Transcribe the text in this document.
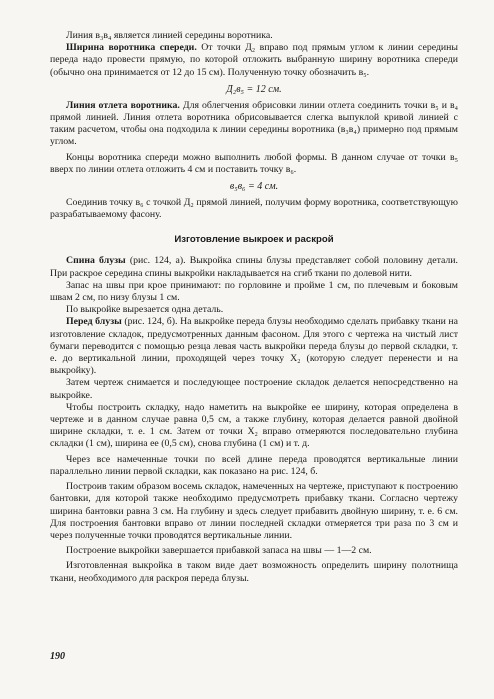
Линия в₃в₄ является линией середины воротника.

Ширина воротника спереди. От точки Д₂ вправо под прямым углом к линии середины переда надо провести прямую, по которой отложить выбранную ширину воротника спереди (обычно она принимается от 12 до 15 см). Полученную точку обозначить в₅.

Д₂в₅ = 12 см.

Линия отлета воротника. Для облегчения обрисовки линии отлета соединить точки в₅ и в₄ прямой линией. Линия отлета воротника обрисовывается слегка выпуклой кривой линией с таким расчетом, чтобы она подходила к линии середины воротника (в₃в₄) примерно под прямым углом.

Концы воротника спереди можно выполнить любой формы. В данном случае от точки в₅ вверх по линии отлета отложить 4 см и поставить точку в₆.

в₅в₆ = 4 см.

Соединив точку в₆ с точкой Д₂ прямой линией, получим форму воротника, соответствующую разрабатываемому фасону.

Изготовление выкроек и раскрой

Спина блузы (рис. 124, а). Выкройка спины блузы представляет собой половину детали. При раскрое середина спины выкройки накладывается на сгиб ткани по долевой нити.

Запас на швы при крое принимают: по горловине и пройме 1 см, по плечевым и боковым швам 2 см, по низу блузы 1 см.

По выкройке вырезается одна деталь.

Перед блузы (рис. 124, б). На выкройке переда блузы необходимо сделать прибавку ткани на изготовление складок, предусмотренных данным фасоном. Для этого с чертежа на чистый лист бумаги переводится с помощью резца левая часть выкройки переда блузы до первой складки, т. е. до вертикальной линии, проходящей через точку X₂ (которую следует перенести и на выкройку).

Затем чертеж снимается и последующее построение складок делается непосредственно на выкройке.

Чтобы построить складку, надо наметить на выкройке ее ширину, которая определена в чертеже и в данном случае равна 0,5 см, а также глубину, которая делается равной двойной ширине складки, т. е. 1 см. Затем от точки X₂ вправо отмеряются последовательно глубина складки (1 см), ширина ее (0,5 см), снова глубина (1 см) и т. д.

Через все намеченные точки по всей длине переда проводятся вертикальные линии параллельно линии первой складки, как показано на рис. 124, б.

Построив таким образом восемь складок, намеченных на чертеже, приступают к построению бантовки, для которой также необходимо предусмотреть прибавку ткани. Согласно чертежу ширина бантовки равна 3 см. На глубину и здесь следует прибавить двойную ширину, т. е. 6 см. Для построения бантовки вправо от линии последней складки отмеряется три раза по 3 см и через полученные точки проводятся вертикальные линии.

Построение выкройки завершается прибавкой запаса на швы — 1—2 см.

Изготовленная выкройка в таком виде дает возможность определить ширину полотнища ткани, необходимого для раскроя переда блузы.

190
